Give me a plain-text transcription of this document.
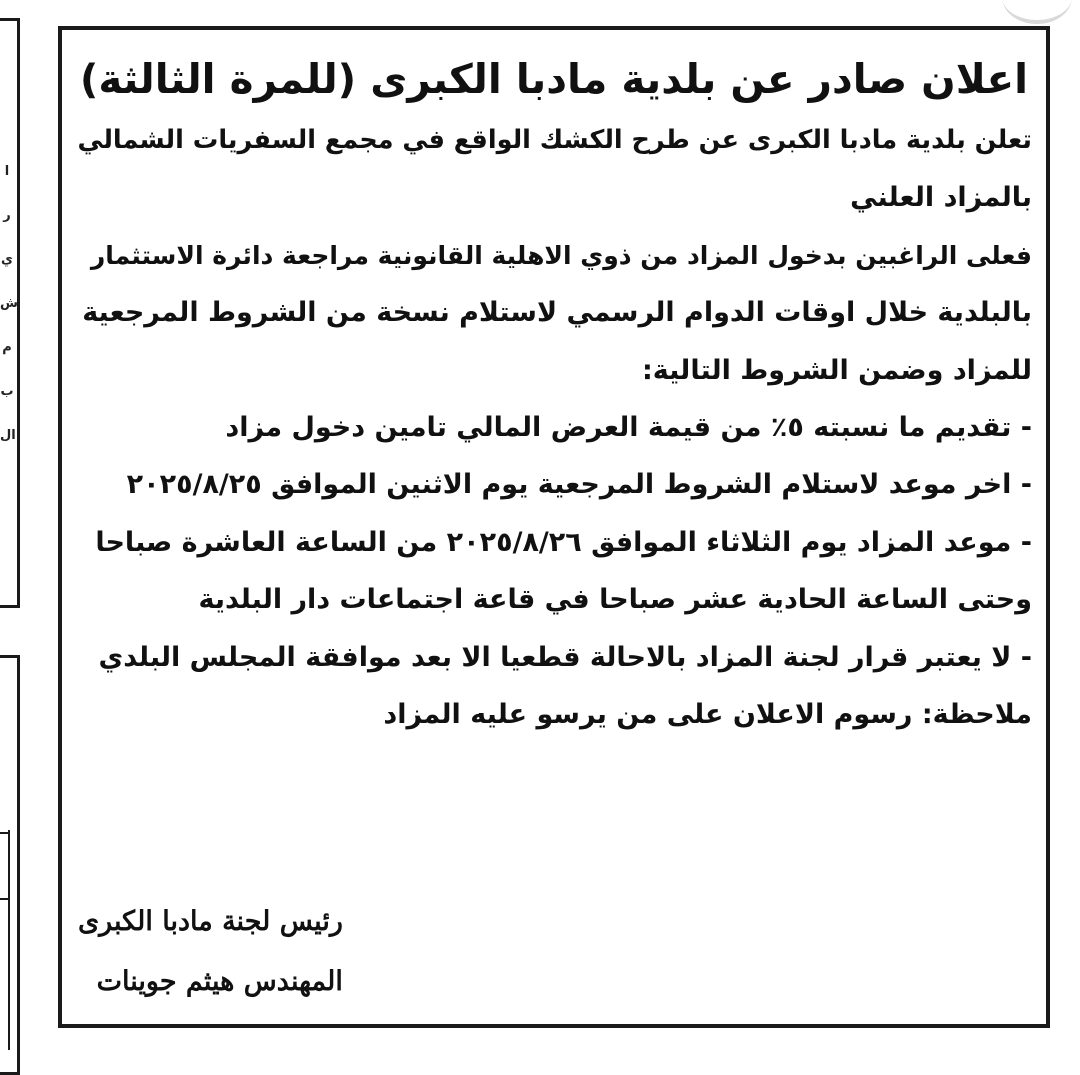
ا
ر
ي
ش
م
ب
ال
اعلان صادر عن بلدية مادبا الكبرى (للمرة الثالثة)

تعلن بلدية مادبا الكبرى عن طرح الكشك الواقع في مجمع السفريات الشمالي

بالمزاد العلني

فعلى الراغبين بدخول المزاد من ذوي الاهلية القانونية مراجعة دائرة الاستثمار

بالبلدية خلال اوقات الدوام الرسمي لاستلام نسخة من الشروط المرجعية

للمزاد وضمن الشروط التالية:

- تقديم ما نسبته ٥٪ من قيمة العرض المالي تامين دخول مزاد

- اخر موعد لاستلام الشروط المرجعية يوم الاثنين الموافق ٢٠٢٥/٨/٢٥

- موعد المزاد يوم الثلاثاء الموافق ٢٠٢٥/٨/٢٦ من الساعة العاشرة صباحا

وحتى الساعة الحادية عشر صباحا في قاعة اجتماعات دار البلدية

- لا يعتبر قرار لجنة المزاد بالاحالة قطعيا الا بعد موافقة المجلس البلدي

ملاحظة: رسوم الاعلان على من يرسو عليه المزاد

رئيس لجنة مادبا الكبرى

المهندس هيثم جوينات
